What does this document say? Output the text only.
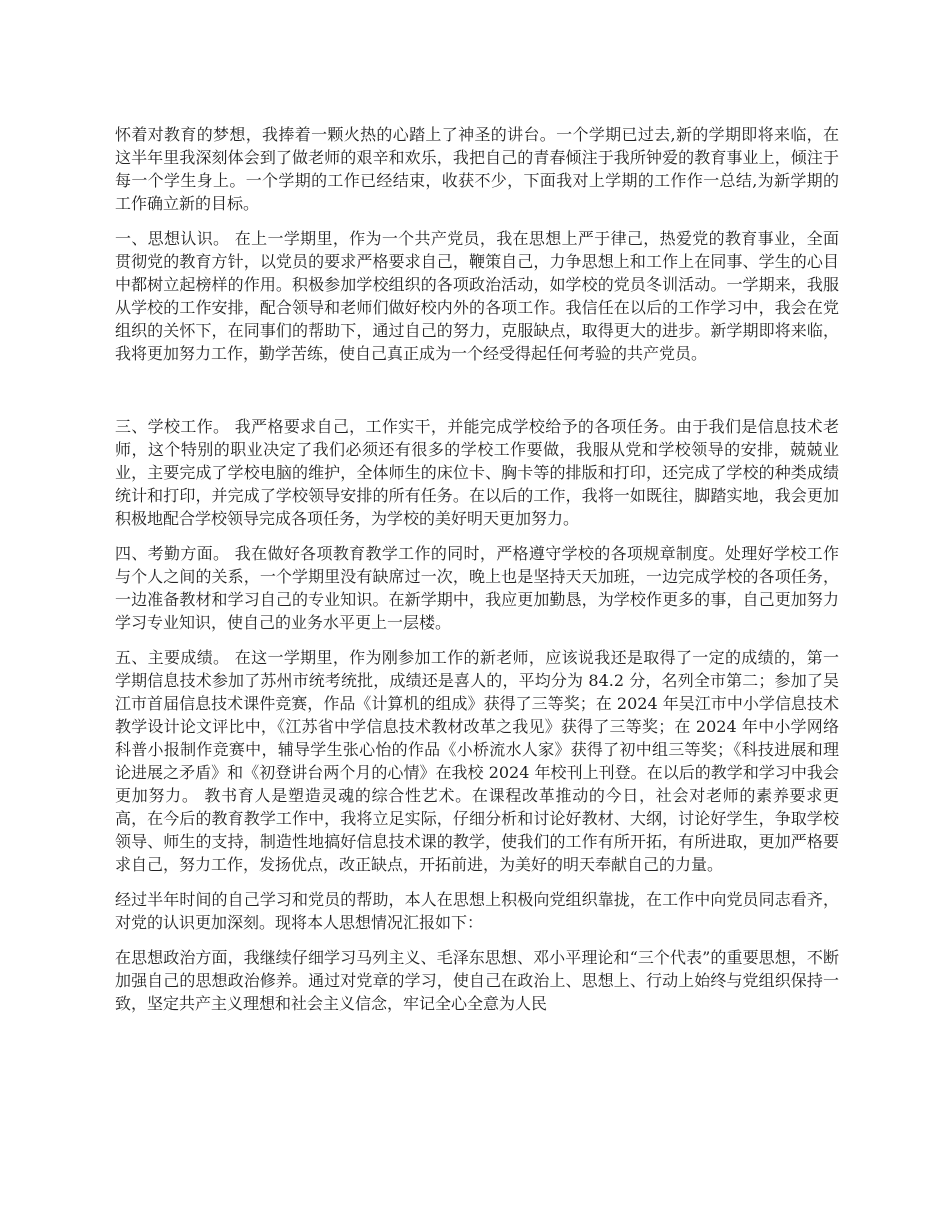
怀着对教育的梦想，我捧着一颗火热的心踏上了神圣的讲台。一个学期已过去,新的学期即将来临，在这半年里我深刻体会到了做老师的艰辛和欢乐，我把自己的青春倾注于我所钟爱的教育事业上，倾注于每一个学生身上。一个学期的工作已经结束，收获不少，下面我对上学期的工作作一总结,为新学期的工作确立新的目标。

一、思想认识。 在上一学期里，作为一个共产党员，我在思想上严于律己，热爱党的教育事业，全面贯彻党的教育方针，以党员的要求严格要求自己，鞭策自己，力争思想上和工作上在同事、学生的心目中都树立起榜样的作用。积极参加学校组织的各项政治活动，如学校的党员冬训活动。一学期来，我服从学校的工作安排，配合领导和老师们做好校内外的各项工作。我信任在以后的工作学习中，我会在党组织的关怀下，在同事们的帮助下，通过自己的努力，克服缺点，取得更大的进步。新学期即将来临，我将更加努力工作，勤学苦练，使自己真正成为一个经受得起任何考验的共产党员。

三、学校工作。 我严格要求自己，工作实干，并能完成学校给予的各项任务。由于我们是信息技术老师，这个特别的职业决定了我们必须还有很多的学校工作要做，我服从党和学校领导的安排，兢兢业业，主要完成了学校电脑的维护，全体师生的床位卡、胸卡等的排版和打印，还完成了学校的种类成绩统计和打印，并完成了学校领导安排的所有任务。在以后的工作，我将一如既往，脚踏实地，我会更加积极地配合学校领导完成各项任务，为学校的美好明天更加努力。

四、考勤方面。 我在做好各项教育教学工作的同时，严格遵守学校的各项规章制度。处理好学校工作与个人之间的关系，一个学期里没有缺席过一次，晚上也是坚持天天加班，一边完成学校的各项任务，一边准备教材和学习自己的专业知识。在新学期中，我应更加勤恳，为学校作更多的事，自己更加努力学习专业知识，使自己的业务水平更上一层楼。

五、主要成绩。 在这一学期里，作为刚参加工作的新老师，应该说我还是取得了一定的成绩的，第一学期信息技术参加了苏州市统考统批，成绩还是喜人的，平均分为 84.2 分，名列全市第二；参加了吴江市首届信息技术课件竞赛，作品《计算机的组成》获得了三等奖；在 2024 年吴江市中小学信息技术教学设计论文评比中，《江苏省中学信息技术教材改革之我见》获得了三等奖；在 2024 年中小学网络科普小报制作竞赛中，辅导学生张心怡的作品《小桥流水人家》获得了初中组三等奖；《科技进展和理论进展之矛盾》和《初登讲台两个月的心情》在我校 2024 年校刊上刊登。在以后的教学和学习中我会更加努力。 教书育人是塑造灵魂的综合性艺术。在课程改革推动的今日，社会对老师的素养要求更高，在今后的教育教学工作中，我将立足实际，仔细分析和讨论好教材、大纲，讨论好学生，争取学校领导、师生的支持，制造性地搞好信息技术课的教学，使我们的工作有所开拓，有所进取，更加严格要求自己，努力工作，发扬优点，改正缺点，开拓前进，为美好的明天奉献自己的力量。

经过半年时间的自己学习和党员的帮助，本人在思想上积极向党组织靠拢，在工作中向党员同志看齐，对党的认识更加深刻。现将本人思想情况汇报如下：

在思想政治方面，我继续仔细学习马列主义、毛泽东思想、邓小平理论和“三个代表”的重要思想，不断加强自己的思想政治修养。通过对党章的学习，使自己在政治上、思想上、行动上始终与党组织保持一致，坚定共产主义理想和社会主义信念，牢记全心全意为人民
